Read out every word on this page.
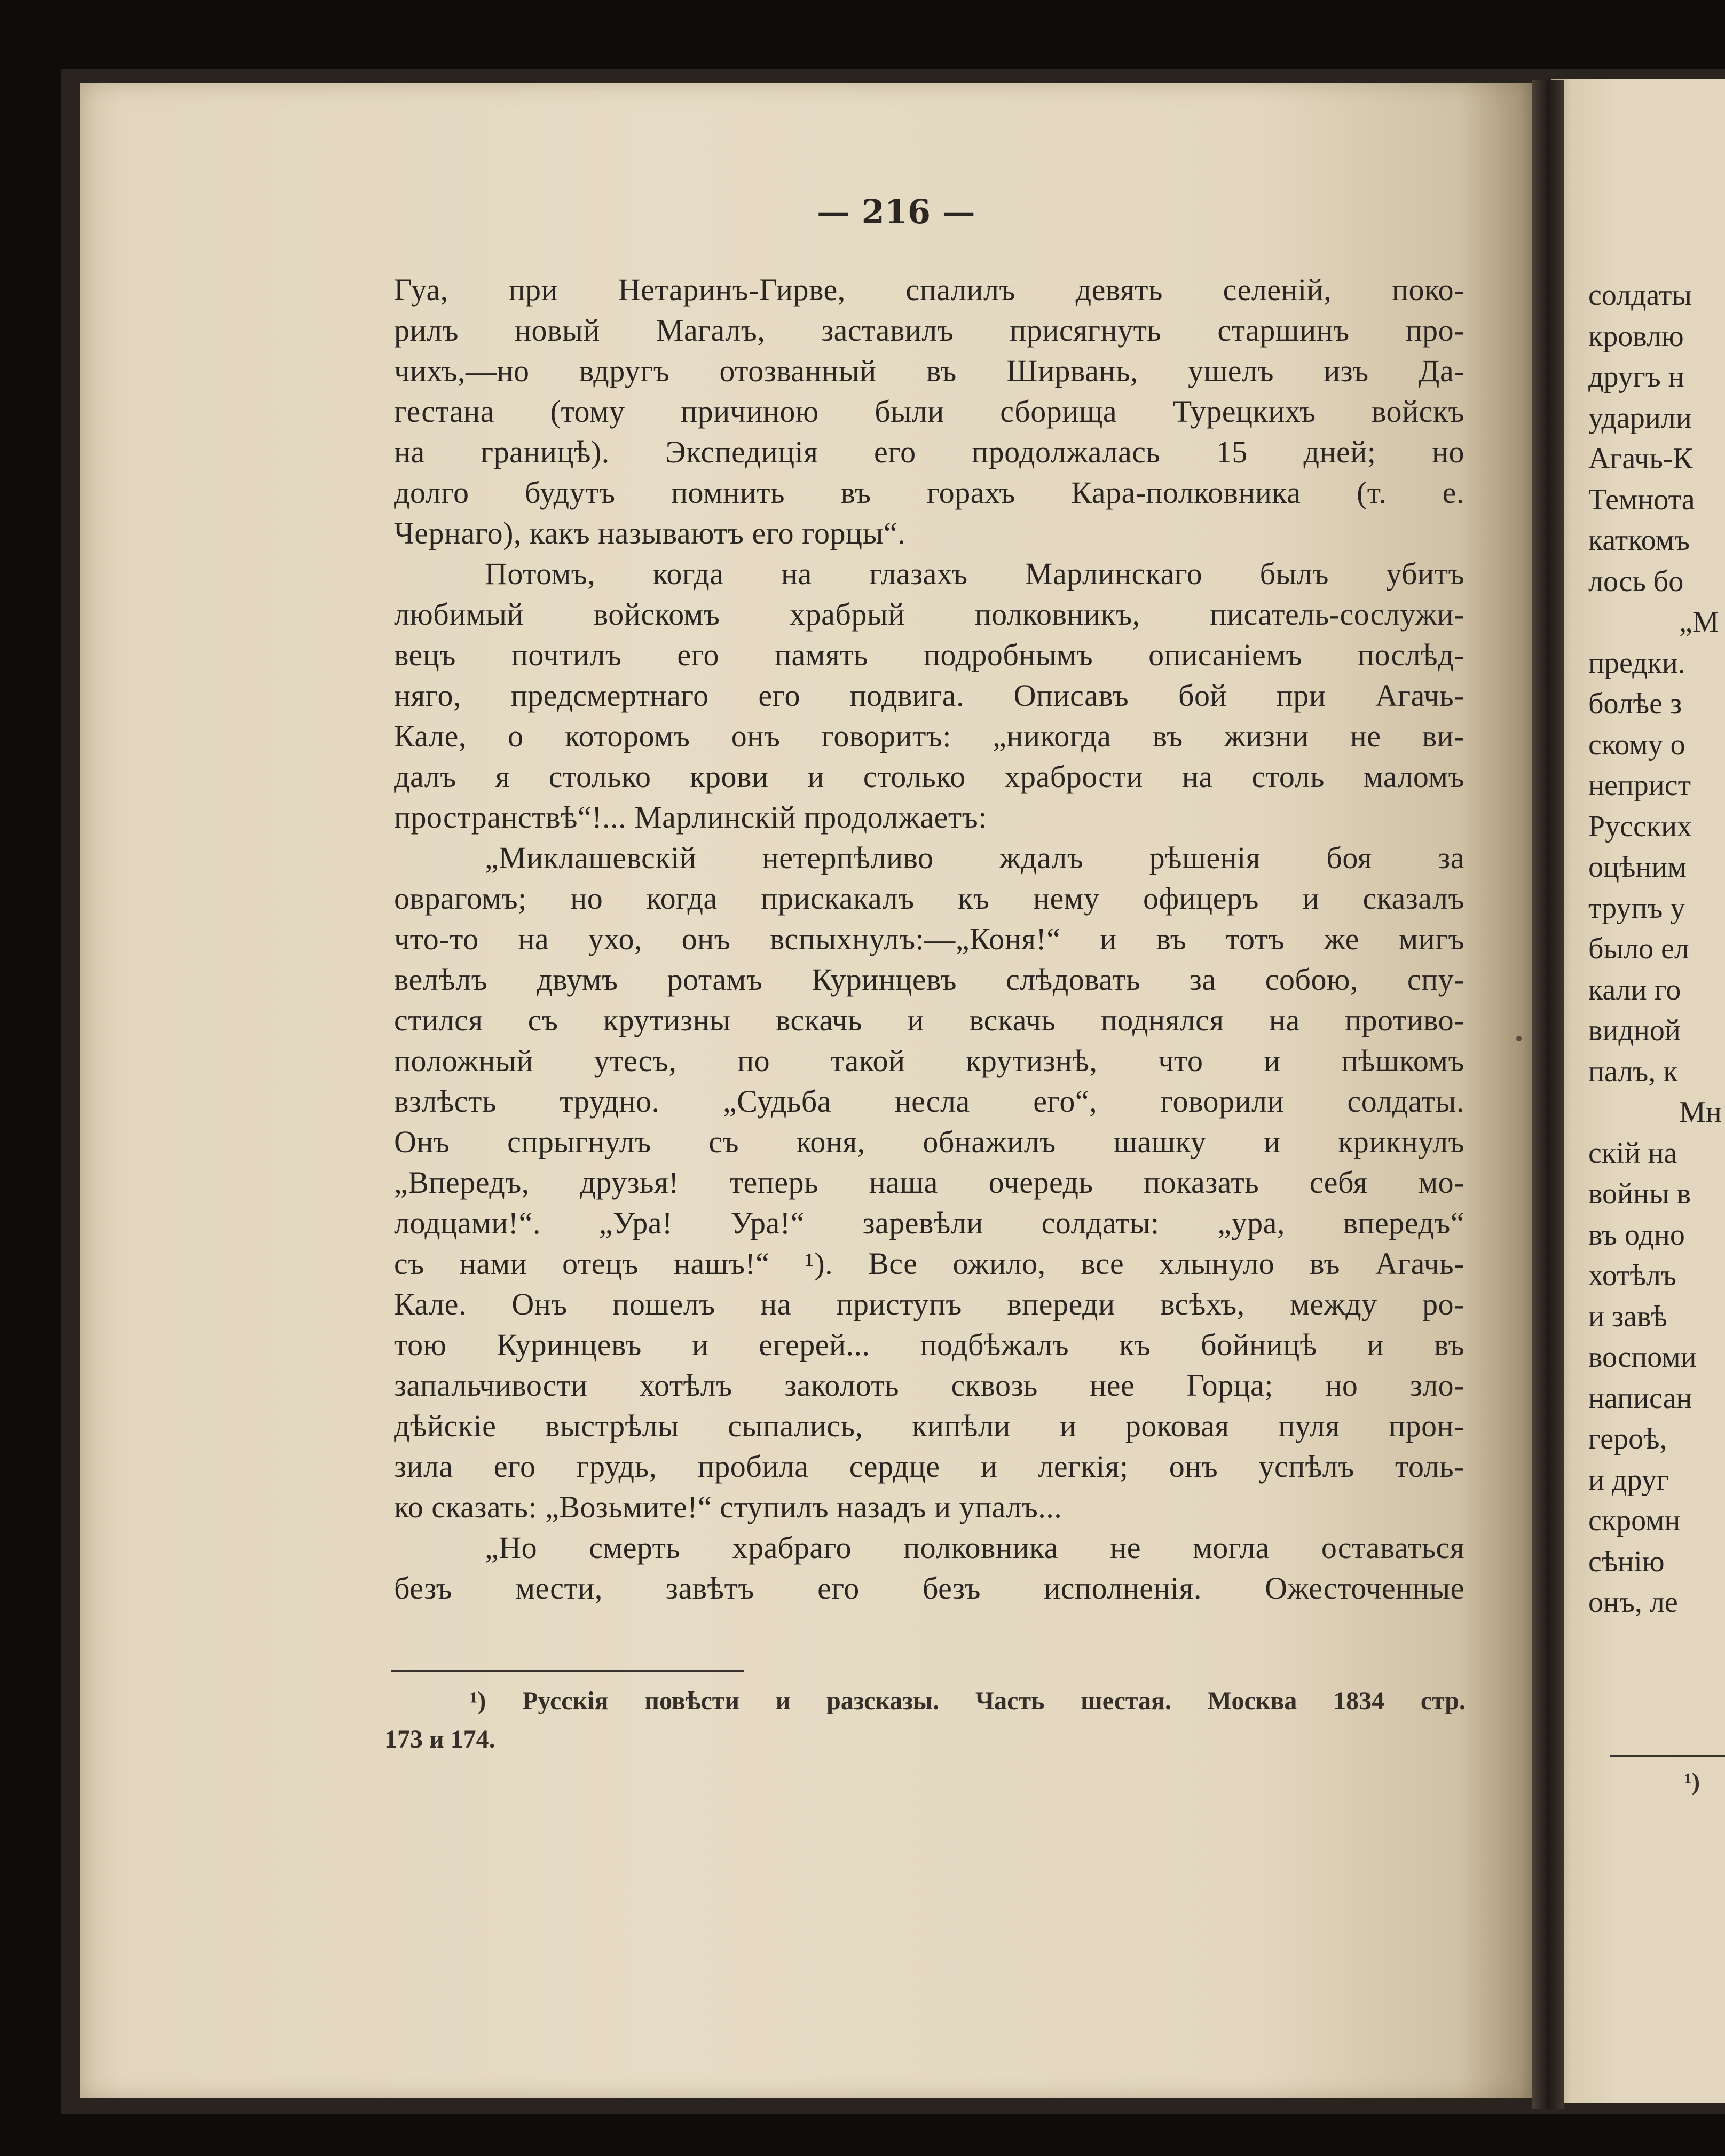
— 216 —
Гуа, при Нетаринъ-Гирве, спалилъ девять селеній, поко-
рилъ новый Магалъ, заставилъ присягнуть старшинъ про-
чихъ,—но вдругъ отозванный въ Ширвань, ушелъ изъ Да-
гестана (тому причиною были сборища Турецкихъ войскъ
на границѣ). Экспедиція его продолжалась 15 дней; но
долго будутъ помнить въ горахъ Кара-полковника (т. е.
Чернаго), какъ называютъ его горцы“.
Потомъ, когда на глазахъ Марлинскаго былъ убитъ
любимый войскомъ храбрый полковникъ, писатель-сослужи-
вецъ почтилъ его память подробнымъ описаніемъ послѣд-
няго, предсмертнаго его подвига. Описавъ бой при Агачь-
Кале, о которомъ онъ говоритъ: „никогда въ жизни не ви-
далъ я столько крови и столько храбрости на столь маломъ
пространствѣ“!... Марлинскій продолжаетъ:
„Миклашевскій нетерпѣливо ждалъ рѣшенія боя за
оврагомъ; но когда прискакалъ къ нему офицеръ и сказалъ
что-то на ухо, онъ вспыхнулъ:—„Коня!“ и въ тотъ же мигъ
велѣлъ двумъ ротамъ Куринцевъ слѣдовать за собою, спу-
стился съ крутизны вскачь и вскачь поднялся на противо-
положный утесъ, по такой крутизнѣ, что и пѣшкомъ
взлѣсть трудно. „Судьба несла его“, говорили солдаты.
Онъ спрыгнулъ съ коня, обнажилъ шашку и крикнулъ
„Впередъ, друзья! теперь наша очередь показать себя мо-
лодцами!“. „Ура! Ура!“ заревѣли солдаты: „ура, впередъ“
съ нами отецъ нашъ!“ ¹). Все ожило, все хлынуло въ Агачь-
Кале. Онъ пошелъ на приступъ впереди всѣхъ, между ро-
тою Куринцевъ и егерей... подбѣжалъ къ бойницѣ и въ
запальчивости хотѣлъ заколоть сквозь нее Горца; но зло-
дѣйскіе выстрѣлы сыпались, кипѣли и роковая пуля прон-
зила его грудь, пробила сердце и легкія; онъ успѣлъ толь-
ко сказать: „Возьмите!“ ступилъ назадъ и упалъ...
„Но смерть храбраго полковника не могла оставаться
безъ мести, завѣтъ его безъ исполненія. Ожесточенные
¹) Русскія повѣсти и разсказы. Часть шестая. Москва 1834 стр.
173 и 174.
солдаты
кровлю
другъ н
ударили
Агачь-К
Темнота
каткомъ
лось бо
„М
предки.
болѣе з
скому о
неприст
Русских
оцѣним
трупъ у
было ел
кали го
видной
палъ, к
Мн
скій на
войны в
въ одно
хотѣлъ
и завѣ
воспоми
написан
героѣ,
и друг
скромн
сѣнію
онъ, ле
¹)
